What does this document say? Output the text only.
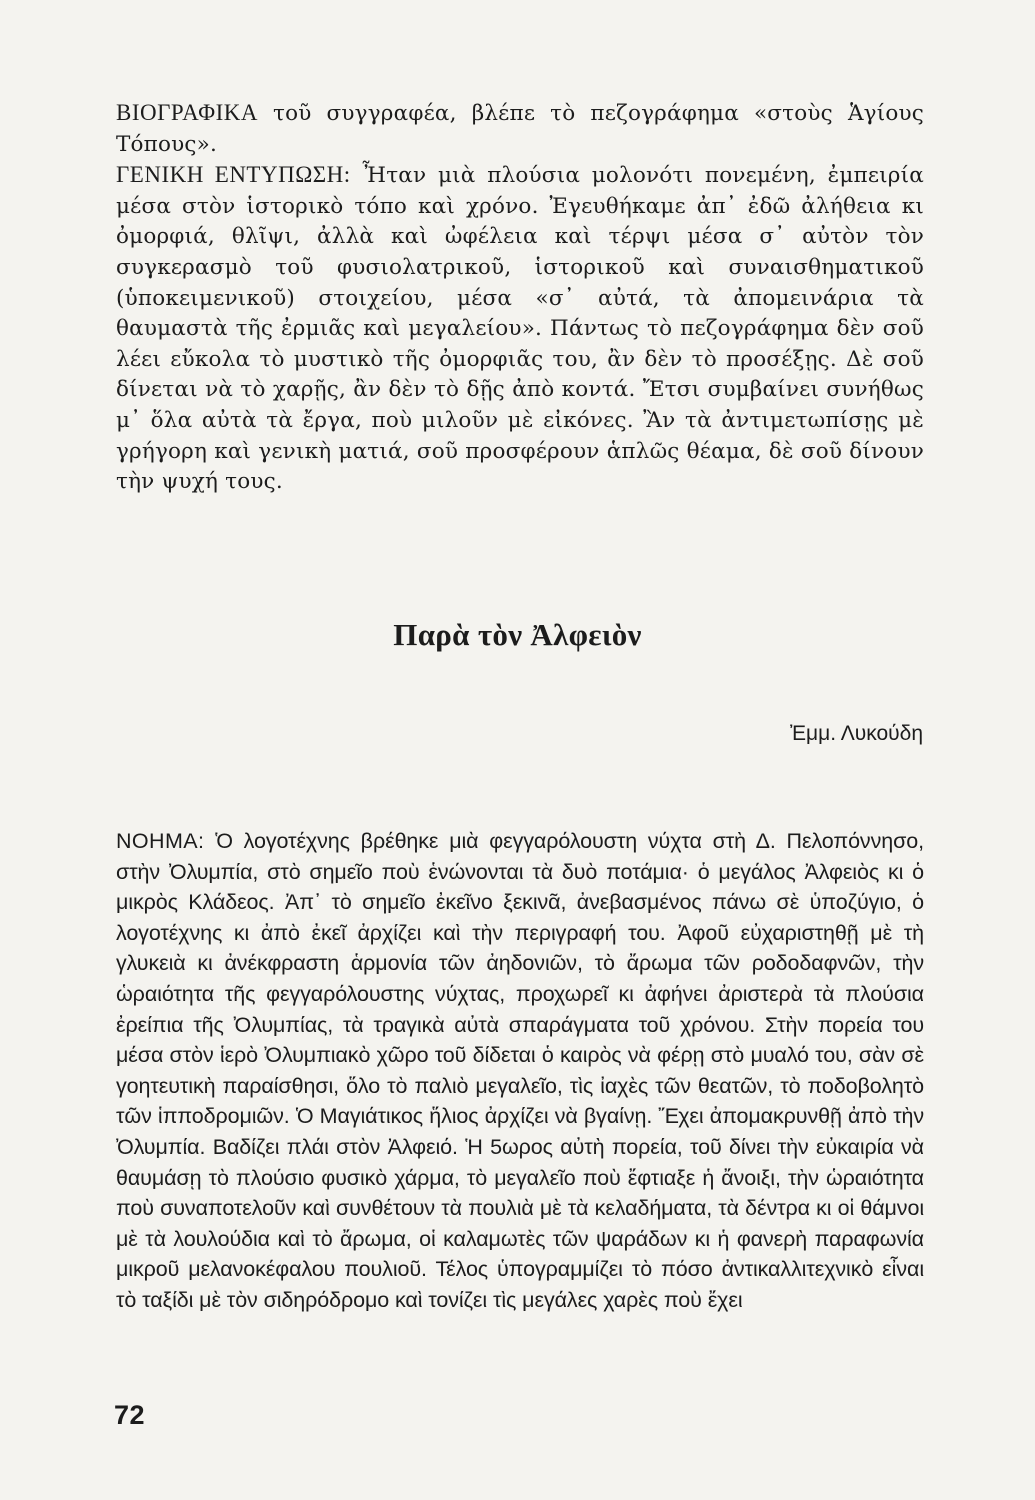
ΒΙΟΓΡΑΦΙΚΑ τοῦ συγγραφέα, βλέπε τὸ πεζογράφημα «στοὺς Ἁγίους Τόπους».

ΓΕΝΙΚΗ ΕΝΤΥΠΩΣΗ: Ἦταν μιὰ πλούσια μολονότι πονεμένη, ἐμπειρία μέσα στὸν ἱστορικὸ τόπο καὶ χρόνο. Ἐγευθήκαμε ἀπ᾽ ἐδῶ ἀλήθεια κι ὀμορφιά, θλῖψι, ἀλλὰ καὶ ὠφέλεια καὶ τέρψι μέσα σ᾽ αὐτὸν τὸν συγκερασμὸ τοῦ φυσιολατρικοῦ, ἱστορικοῦ καὶ συναισθηματικοῦ (ὑποκειμενικοῦ) στοιχείου, μέσα «σ᾽ αὐτά, τὰ ἀπομεινάρια τὰ θαυμαστὰ τῆς ἐρμιᾶς καὶ μεγαλείου». Πάντως τὸ πεζογράφημα δὲν σοῦ λέει εὔκολα τὸ μυστικὸ τῆς ὀμορφιᾶς του, ἂν δὲν τὸ προσέξῃς. Δὲ σοῦ δίνεται νὰ τὸ χαρῇς, ἂν δὲν τὸ δῇς ἀπὸ κοντά. Ἔτσι συμβαίνει συνήθως μ᾽ ὅλα αὐτὰ τὰ ἔργα, ποὺ μιλοῦν μὲ εἰκόνες. Ἂν τὰ ἀντιμετωπίσῃς μὲ γρήγορη καὶ γενικὴ ματιά, σοῦ προσφέρουν ἁπλῶς θέαμα, δὲ σοῦ δίνουν τὴν ψυχή τους.

Παρὰ τὸν Ἀλφειὸν
Ἐμμ. Λυκούδη
ΝΟΗΜΑ: Ὁ λογοτέχνης βρέθηκε μιὰ φεγγαρόλουστη νύχτα στὴ Δ. Πελοπόννησο, στὴν Ὀλυμπία, στὸ σημεῖο ποὺ ἑνώνονται τὰ δυὸ ποτάμια· ὁ μεγάλος Ἀλφειὸς κι ὁ μικρὸς Κλάδεος. Ἀπ᾽ τὸ σημεῖο ἐκεῖνο ξεκινᾶ, ἀνεβασμένος πάνω σὲ ὑποζύγιο, ὁ λογοτέχνης κι ἀπὸ ἐκεῖ ἀρχίζει καὶ τὴν περιγραφή του. Ἀφοῦ εὐχαριστηθῇ μὲ τὴ γλυκειὰ κι ἀνέκφραστη ἁρμονία τῶν ἀηδονιῶν, τὸ ἄρωμα τῶν ροδοδαφνῶν, τὴν ὡραιότητα τῆς φεγγαρόλουστης νύχτας, προχωρεῖ κι ἀφήνει ἀριστερὰ τὰ πλούσια ἐρείπια τῆς Ὀλυμπίας, τὰ τραγικὰ αὐτὰ σπαράγματα τοῦ χρόνου. Στὴν πορεία του μέσα στὸν ἱερὸ Ὀλυμπιακὸ χῶρο τοῦ δίδεται ὁ καιρὸς νὰ φέρῃ στὸ μυαλό του, σὰν σὲ γοητευτικὴ παραίσθησι, ὅλο τὸ παλιὸ μεγαλεῖο, τὶς ἰαχὲς τῶν θεατῶν, τὸ ποδοβολητὸ τῶν ἱπποδρομιῶν. Ὁ Μαγιάτικος ἥλιος ἀρχίζει νὰ βγαίνῃ. Ἔχει ἀπομακρυνθῇ ἀπὸ τὴν Ὀλυμπία. Βαδίζει πλάι στὸν Ἀλφειό. Ἡ 5ωρος αὐτὴ πορεία, τοῦ δίνει τὴν εὐκαιρία νὰ θαυμάσῃ τὸ πλούσιο φυσικὸ χάρμα, τὸ μεγαλεῖο ποὺ ἔφτιαξε ἡ ἄνοιξι, τὴν ὡραιότητα ποὺ συναποτελοῦν καὶ συνθέτουν τὰ πουλιὰ μὲ τὰ κελαδήματα, τὰ δέντρα κι οἱ θάμνοι μὲ τὰ λουλούδια καὶ τὸ ἄρωμα, οἱ καλαμωτὲς τῶν ψαράδων κι ἡ φανερὴ παραφωνία μικροῦ μελανοκέφαλου πουλιοῦ. Τέλος ὑπογραμμίζει τὸ πόσο ἀντικαλλιτεχνικὸ εἶναι τὸ ταξίδι μὲ τὸν σιδηρόδρομο καὶ τονίζει τὶς μεγάλες χαρὲς ποὺ ἔχει
72
